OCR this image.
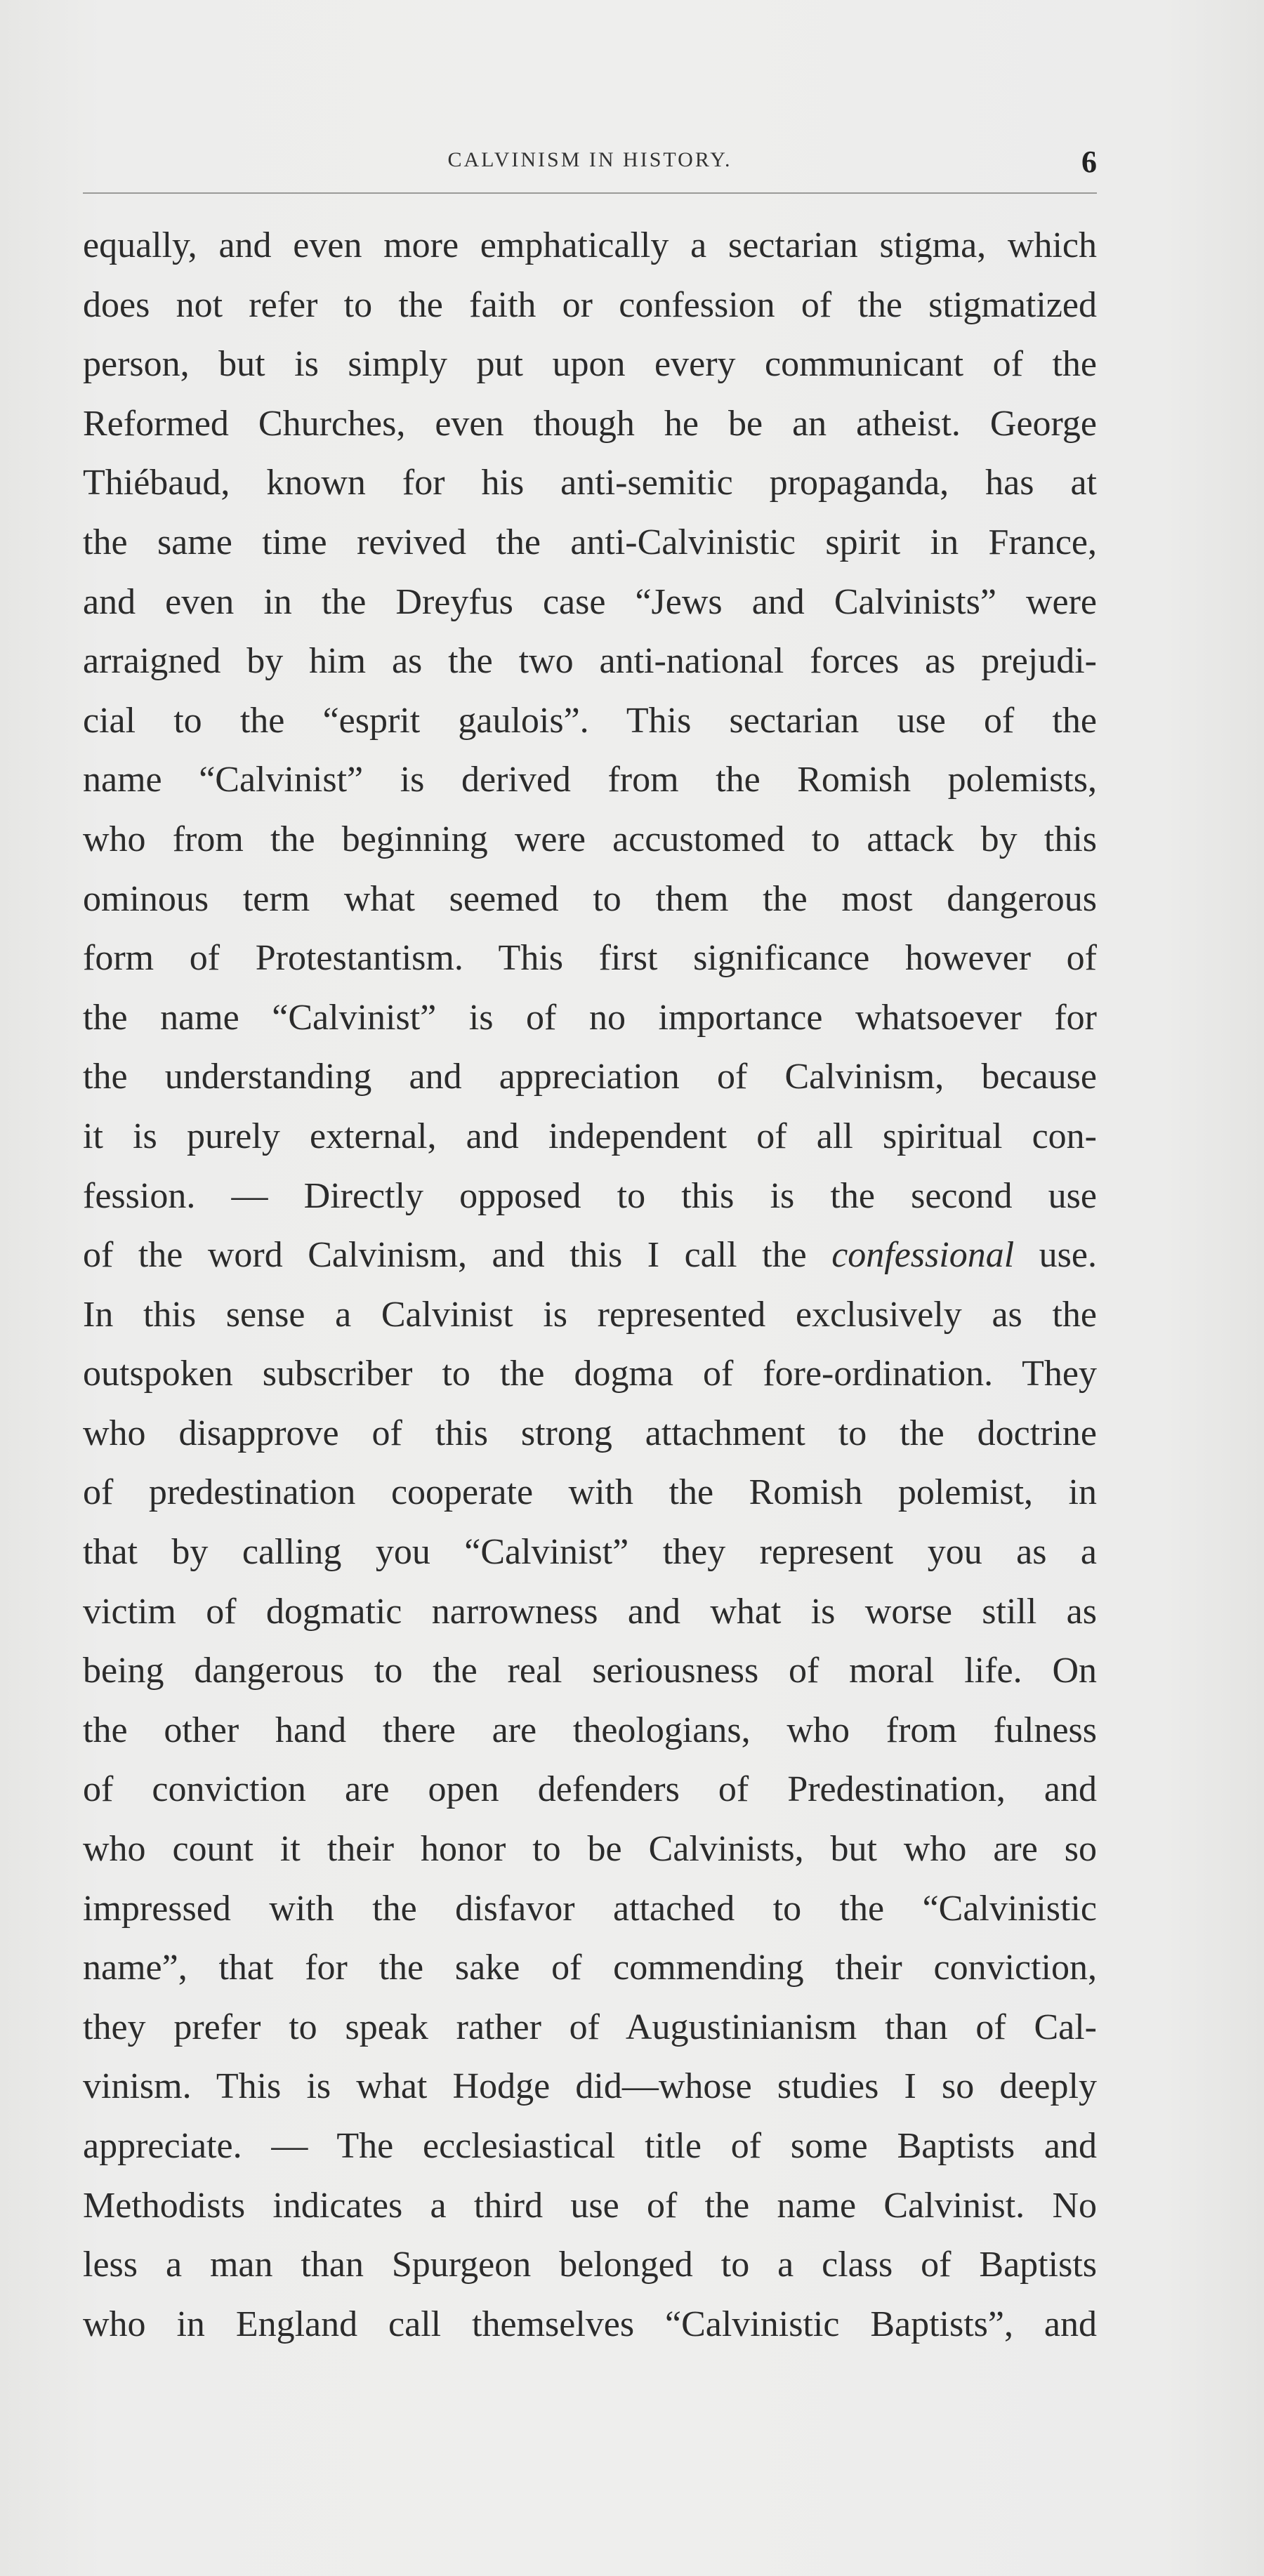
CALVINISM IN HISTORY.	6
equally, and even more emphatically a sectarian stigma, which
does not refer to the faith or confession of the stigmatized
person, but is simply put upon every communicant of the
Reformed Churches, even though he be an atheist. George
Thiébaud, known for his anti-semitic propaganda, has at
the same time revived the anti-Calvinistic spirit in France,
and even in the Dreyfus case “Jews and Calvinists” were
arraigned by him as the two anti-national forces as prejudi-
cial to the “esprit gaulois”. This sectarian use of the
name “Calvinist” is derived from the Romish polemists,
who from the beginning were accustomed to attack by this
ominous term what seemed to them the most dangerous
form of Protestantism. This first significance however of
the name “Calvinist” is of no importance whatsoever for
the understanding and appreciation of Calvinism, because
it is purely external, and independent of all spiritual con-
fession. — Directly opposed to this is the second use
of the word Calvinism, and this I call the confessional use.
In this sense a Calvinist is represented exclusively as the
outspoken subscriber to the dogma of fore-ordination. They
who disapprove of this strong attachment to the doctrine
of predestination cooperate with the Romish polemist, in
that by calling you “Calvinist” they represent you as a
victim of dogmatic narrowness and what is worse still as
being dangerous to the real seriousness of moral life. On
the other hand there are theologians, who from fulness
of conviction are open defenders of Predestination, and
who count it their honor to be Calvinists, but who are so
impressed with the disfavor attached to the “Calvinistic
name”, that for the sake of commending their conviction,
they prefer to speak rather of Augustinianism than of Cal-
vinism. This is what Hodge did—whose studies I so deeply
appreciate. — The ecclesiastical title of some Baptists and
Methodists indicates a third use of the name Calvinist. No
less a man than Spurgeon belonged to a class of Baptists
who in England call themselves “Calvinistic Baptists”, and
